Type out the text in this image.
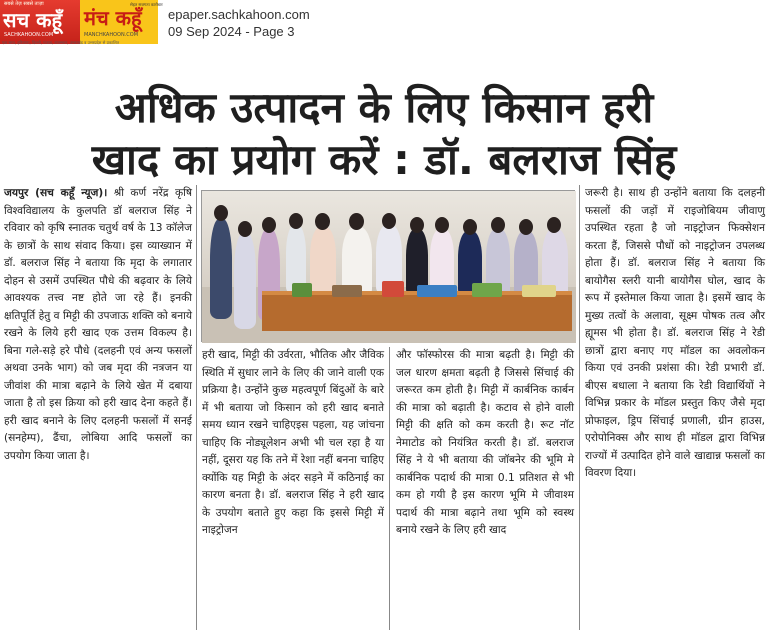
सबसे तेज़ सबसे ताज़ा
सच कहूँ
SACHKAHOON.COM
सेहत सजगता कारोबार
मंच कहूँ
MANCHKAHOON.COM
एक साथ, हरियाणा, दिल्ली, पंजाब, राजस्थान, उत्तराखंड व उत्तरप्रदेश से प्रकाशित
epaper.sachkahoon.com
09 Sep 2024 - Page 3
अधिक उत्पादन के लिए किसान हरी
खाद का प्रयोग करें : डॉ. बलराज सिंह
जयपुर (सच कहूँ न्यूज)। श्री कर्ण नरेंद्र कृषि विश्वविद्यालय के कुलपति डॉ बलराज सिंह ने रविवार को कृषि स्नातक चतुर्थ वर्ष के 13 कॉलेज के छात्रों के साथ संवाद किया। इस व्याख्यान में डॉ. बलराज सिंह ने बताया कि मृदा के लगातार दोहन से उसमें उपस्थित पौधे की बढ़वार के लिये आवश्यक तत्त्व नष्ट होते जा रहे हैं। इनकी क्षतिपूर्ति हेतु व मिट्टी की उपजाऊ शक्ति को बनाये रखने के लिये हरी खाद एक उत्तम विकल्प है। बिना गले-सड़े हरे पौधे (दलहनी एवं अन्य फसलों अथवा उनके भाग) को जब मृदा की नत्रजन या जीवांश की मात्रा बढ़ाने के लिये खेत में दबाया जाता है तो इस क्रिया को हरी खाद देना कहते हैं। हरी खाद बनाने के लिए दलहनी फसलों में सनई (सनहेम्प), ढैंचा, लोबिया आदि फसलों का उपयोग किया जाता है।
हरी खाद, मिट्टी की उर्वरता, भौतिक और जैविक स्थिति में सुधार लाने के लिए की जाने वाली एक प्रक्रिया है। उन्होंने कुछ महत्वपूर्ण बिंदुओं के बारे में भी बताया जो किसान को हरी खाद बनाते समय ध्यान रखने चाहिएइस पहला, यह जांचना चाहिए कि नोड्यूलेशन अभी भी चल रहा है या नहीं, दूसरा यह कि तने में रेशा नहीं बनना चाहिए क्योंकि यह मिट्टी के अंदर सड़ने में कठिनाई का कारण बनता है। डॉ. बलराज सिंह ने हरी खाद के उपयोग बताते हुए कहा कि इससे मिट्टी में नाइट्रोजन
और फॉस्फोरस की मात्रा बढ़ती है। मिट्टी की जल धारण क्षमता बढ़ती है जिससे सिंचाई की जरूरत कम होती है। मिट्टी में कार्बनिक कार्बन की मात्रा को बढ़ाती है। कटाव से होने वाली मिट्टी की क्षति को कम करती है। रूट नॉट नेमाटोड को नियंत्रित करती है। डॉ. बलराज सिंह ने ये भी बताया की जॉबनेर की भूमि मे कार्बनिक पदार्थ की मात्रा 0.1 प्रतिशत से भी कम हो गयी है इस कारण भूमि मे जीवाश्म पदार्थ की मात्रा बढ़ाने तथा भूमि को स्वस्थ बनाये रखने के लिए हरी खाद
जरूरी है। साथ ही उन्होंने बताया कि दलहनी फसलों की जड़ों में राइजोबियम जीवाणु उपस्थित रहता है जो नाइट्रोजन फिक्सेशन करता हैं, जिससे पौधों को नाइट्रोजन उपलब्ध होता हैं। डॉ. बलराज सिंह ने बताया कि बायोगैस स्लरी यानी बायोगैस घोल, खाद के रूप में इस्तेमाल किया जाता है। इसमें खाद के मुख्य तत्वों के अलावा, सूक्ष्म पोषक तत्व और ह्यूमस भी होता है। डॉ. बलराज सिंह ने रेडी छात्रों द्वारा बनाए गए मॉडल का अवलोकन किया एवं उनकी प्रशंसा की। रेडी प्रभारी डॉ. बीएस बधाला ने बताया कि रेडी विद्यार्थियों ने विभिन्न प्रकार के मॉडल प्रस्तुत किए जैसे मृदा प्रोफाइल, ड्रिप सिंचाई प्रणाली, ग्रीन हाउस, एरोपोनिक्स और साथ ही मॉडल द्वारा विभिन्न राज्यों में उत्पादित होने वाले खाद्यान्न फसलों का विवरण दिया।
